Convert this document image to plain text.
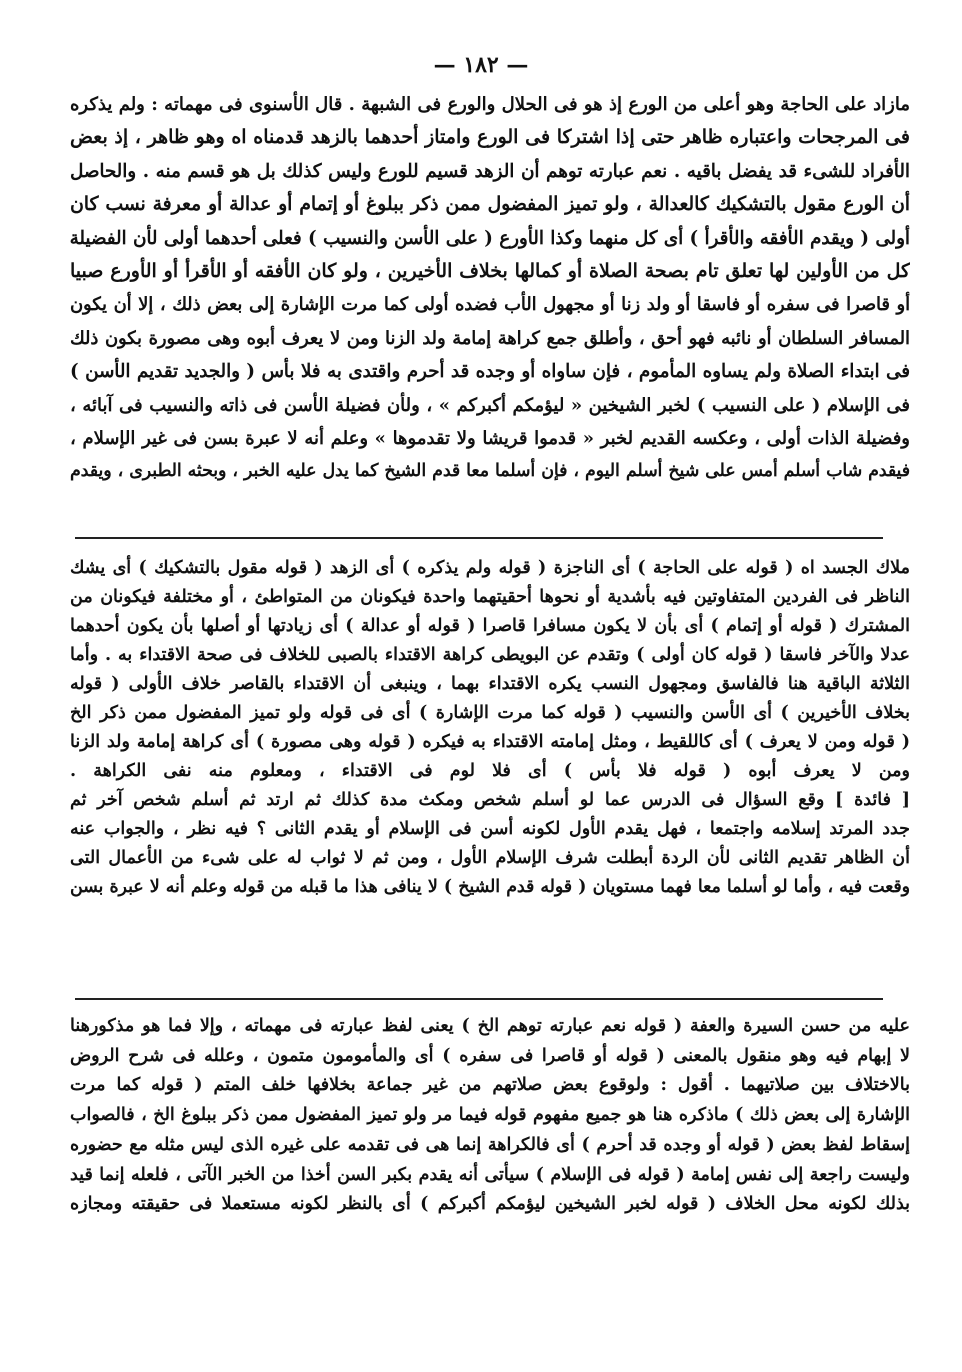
— ١٨٢ —
مازاد على الحاجة وهو أعلى من الورع إذ هو فى الحلال والورع فى الشبهة . قال الأسنوى فى مهماته : ولم يذكره
فى المرجحات واعتباره ظاهر حتى إذا اشتركا فى الورع وامتاز أحدهما بالزهد قدمناه اه وهو ظاهر ، إذ بعض
الأفراد للشىء قد يفضل باقيه . نعم عبارته توهم أن الزهد قسيم للورع وليس كذلك بل هو قسم منه . والحاصل
أن الورع مقول بالتشكيك كالعدالة ، ولو تميز المفضول ممن ذكر ببلوغ أو إتمام أو عدالة أو معرفة نسب كان
أولى ( ويقدم الأفقه والأقرأ ) أى كل منهما وكذا الأورع ( على الأسن والنسيب ) فعلى أحدهما أولى لأن الفضيلة
كل من الأولين لها تعلق تام بصحة الصلاة أو كمالها بخلاف الأخيرين ، ولو كان الأفقه أو الأقرأ أو الأورع صبيا
أو قاصرا فى سفره أو فاسقا أو ولد زنا أو مجهول الأب فضده أولى كما مرت الإشارة إلى بعض ذلك ، إلا أن يكون
المسافر السلطان أو نائبه فهو أحق ، وأطلق جمع كراهة إمامة ولد الزنا ومن لا يعرف أبوه وهى مصورة بكون ذلك
فى ابتداء الصلاة ولم يساوه المأموم ، فإن ساواه أو وجده قد أحرم واقتدى به فلا بأس ( والجديد تقديم الأسن )
فى الإسلام ( على النسيب ) لخبر الشيخين « ليؤمكم أكبركم » ، ولأن فضيلة الأسن فى ذاته والنسيب فى آبائه ،
وفضيلة الذات أولى ، وعكسه القديم لخبر « قدموا قريشا ولا تقدموها » وعلم أنه لا عبرة بسن فى غير الإسلام ،
فيقدم شاب أسلم أمس على شيخ أسلم اليوم ، فإن أسلما معا قدم الشيخ كما يدل عليه الخبر ، وبحثه الطبرى ، ويقدم
ملاك الجسد اه ( قوله على الحاجة ) أى الناجزة ( قوله ولم يذكره ) أى الزهد ( قوله مقول بالتشكيك ) أى يشك
الناظر فى الفردين المتفاوتين فيه بأشدية أو نحوها أحقيتهما واحدة فيكونان من المتواطئ ، أو مختلفة فيكونان من
المشترك ( قوله أو إتمام ) أى بأن لا يكون مسافرا قاصرا ( قوله أو عدالة ) أى زيادتها أو أصلها بأن يكون أحدهما
عدلا والآخر فاسقا ( قوله كان أولى ) وتقدم عن البويطى كراهة الاقتداء بالصبى للخلاف فى صحة الاقتداء به . وأما
الثلاثة الباقية هنا فالفاسق ومجهول النسب يكره الاقتداء بهما ، وينبغى أن الاقتداء بالقاصر خلاف الأولى ( قوله
بخلاف الأخيرين ) أى الأسن والنسيب ( قوله كما مرت الإشارة ) أى فى قوله ولو تميز المفضول ممن ذكر الخ
( قوله ومن لا يعرف ) أى كاللقيط ، ومثل إمامته الاقتداء به فيكره ( قوله وهى مصورة ) أى كراهة إمامة ولد الزنا
ومن لا يعرف أبوه ( قوله فلا بأس ) أى فلا لوم فى الاقتداء ، ومعلوم منه نفى الكراهة .
[ فائدة ] وقع السؤال فى الدرس عما لو أسلم شخص ومكث مدة كذلك ثم ارتد ثم أسلم شخص آخر ثم
جدد المرتد إسلامه واجتمعا ، فهل يقدم الأول لكونه أسن فى الإسلام أو يقدم الثانى ؟ فيه نظر ، والجواب عنه
أن الظاهر تقديم الثانى لأن الردة أبطلت شرف الإسلام الأول ، ومن ثم لا ثواب له على شىء من الأعمال التى
وقعت فيه ، وأما لو أسلما معا فهما مستويان ( قوله قدم الشيخ ) لا ينافى هذا ما قبله من قوله وعلم أنه لا عبرة بسن
عليه من حسن السيرة والعفة ( قوله نعم عبارته توهم الخ ) يعنى لفظ عبارته فى مهماته ، وإلا فما هو مذكورهنا
لا إبهام فيه وهو منقول بالمعنى ( قوله أو قاصرا فى سفره ) أى والمأمومون متمون ، وعلله فى شرح الروض
بالاختلاف بين صلاتيهما . أقول : ولوقوع بعض صلاتهم من غير جماعة بخلافها خلف المتم ( قوله كما مرت
الإشارة إلى بعض ذلك ) ماذكره هنا هو جميع مفهوم قوله فيما مر ولو تميز المفضول ممن ذكر ببلوغ الخ ، فالصواب
إسقاط لفظ بعض ( قوله أو وجده قد أحرم ) أى فالكراهة إنما هى فى تقدمه على غيره الذى ليس مثله مع حضوره
وليست راجعة إلى نفس إمامة ( قوله فى الإسلام ) سيأتى أنه يقدم بكبر السن أخذا من الخبر الآتى ، فلعله إنما قيد
بذلك لكونه محل الخلاف ( قوله لخبر الشيخين ليؤمكم أكبركم ) أى بالنظر لكونه مستعملا فى حقيقته ومجازه
